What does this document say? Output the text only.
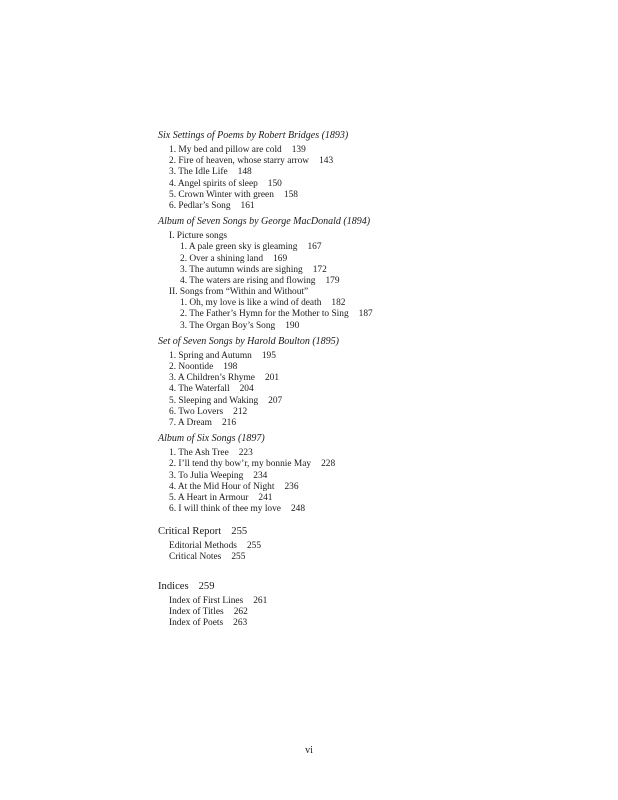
Six Settings of Poems by Robert Bridges (1893)
1. My bed and pillow are cold 139
2. Fire of heaven, whose starry arrow 143
3. The Idle Life 148
4. Angel spirits of sleep 150
5. Crown Winter with green 158
6. Pedlar’s Song 161
Album of Seven Songs by George MacDonald (1894)
I. Picture songs
1. A pale green sky is gleaming 167
2. Over a shining land 169
3. The autumn winds are sighing 172
4. The waters are rising and flowing 179
II. Songs from “Within and Without”
1. Oh, my love is like a wind of death 182
2. The Father’s Hymn for the Mother to Sing 187
3. The Organ Boy’s Song 190
Set of Seven Songs by Harold Boulton (1895)
1. Spring and Autumn 195
2. Noontide 198
3. A Children’s Rhyme 201
4. The Waterfall 204
5. Sleeping and Waking 207
6. Two Lovers 212
7. A Dream 216
Album of Six Songs (1897)
1. The Ash Tree 223
2. I’ll tend thy bow’r, my bonnie May 228
3. To Julia Weeping 234
4. At the Mid Hour of Night 236
5. A Heart in Armour 241
6. I will think of thee my love 248
Critical Report 255
Editorial Methods 255
Critical Notes 255
Indices 259
Index of First Lines 261
Index of Titles 262
Index of Poets 263
vi
